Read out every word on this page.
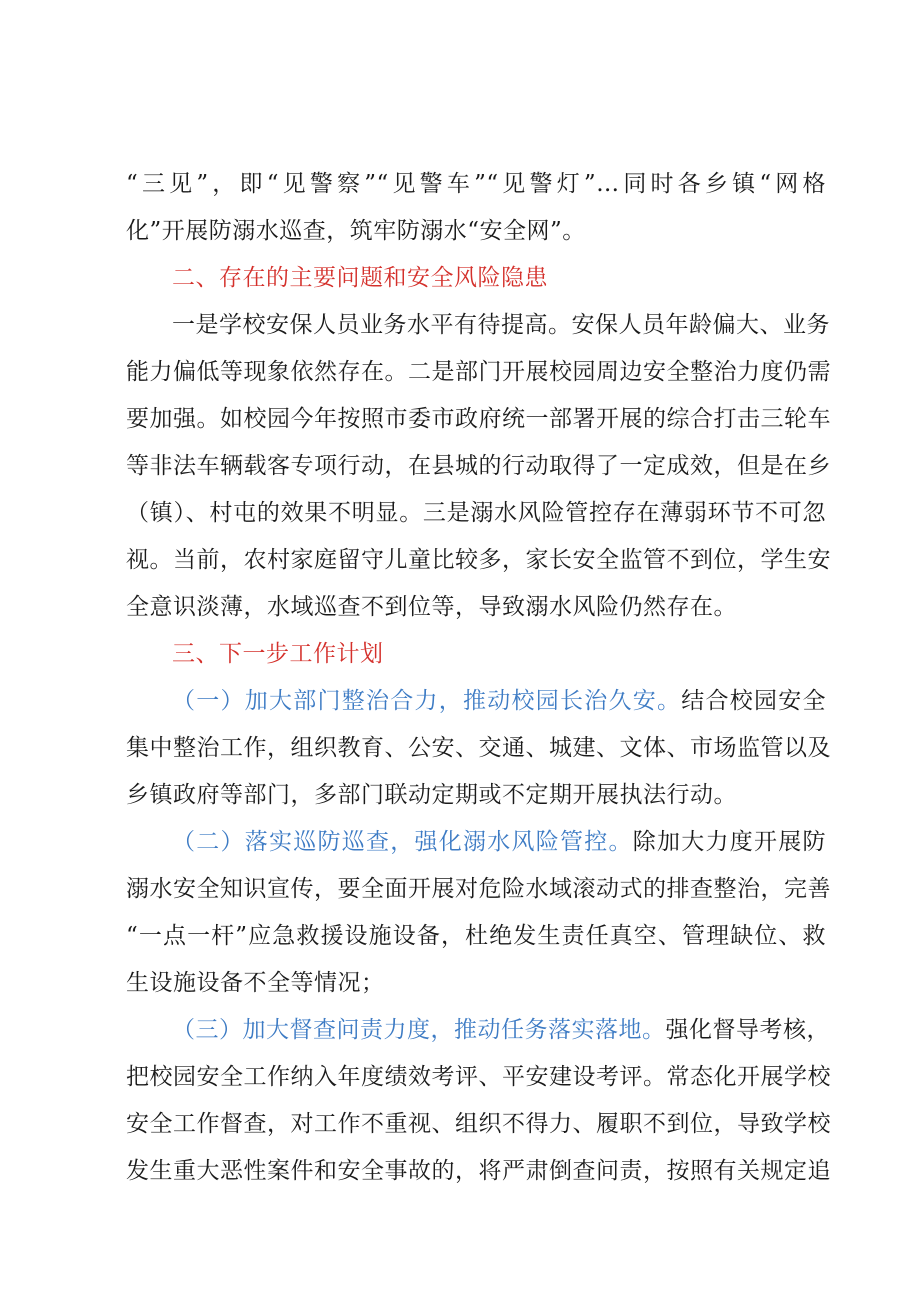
“三见”，即“见警察”“见警车”“见警灯”…同时各乡镇“网格
化”开展防溺水巡查，筑牢防溺水“安全网”。
二、存在的主要问题和安全风险隐患
一是学校安保人员业务水平有待提高。安保人员年龄偏大、业务
能力偏低等现象依然存在。二是部门开展校园周边安全整治力度仍需
要加强。如校园今年按照市委市政府统一部署开展的综合打击三轮车
等非法车辆载客专项行动，在县城的行动取得了一定成效，但是在乡
（镇）、村屯的效果不明显。三是溺水风险管控存在薄弱环节不可忽
视。当前，农村家庭留守儿童比较多，家长安全监管不到位，学生安
全意识淡薄，水域巡查不到位等，导致溺水风险仍然存在。
三、下一步工作计划
（一）加大部门整治合力，推动校园长治久安。结合校园安全
集中整治工作，组织教育、公安、交通、城建、文体、市场监管以及
乡镇政府等部门，多部门联动定期或不定期开展执法行动。
（二）落实巡防巡查，强化溺水风险管控。除加大力度开展防
溺水安全知识宣传，要全面开展对危险水域滚动式的排查整治，完善
“一点一杆”应急救援设施设备，杜绝发生责任真空、管理缺位、救
生设施设备不全等情况；
（三）加大督查问责力度，推动任务落实落地。强化督导考核，
把校园安全工作纳入年度绩效考评、平安建设考评。常态化开展学校
安全工作督查，对工作不重视、组织不得力、履职不到位，导致学校
发生重大恶性案件和安全事故的，将严肃倒查问责，按照有关规定追
